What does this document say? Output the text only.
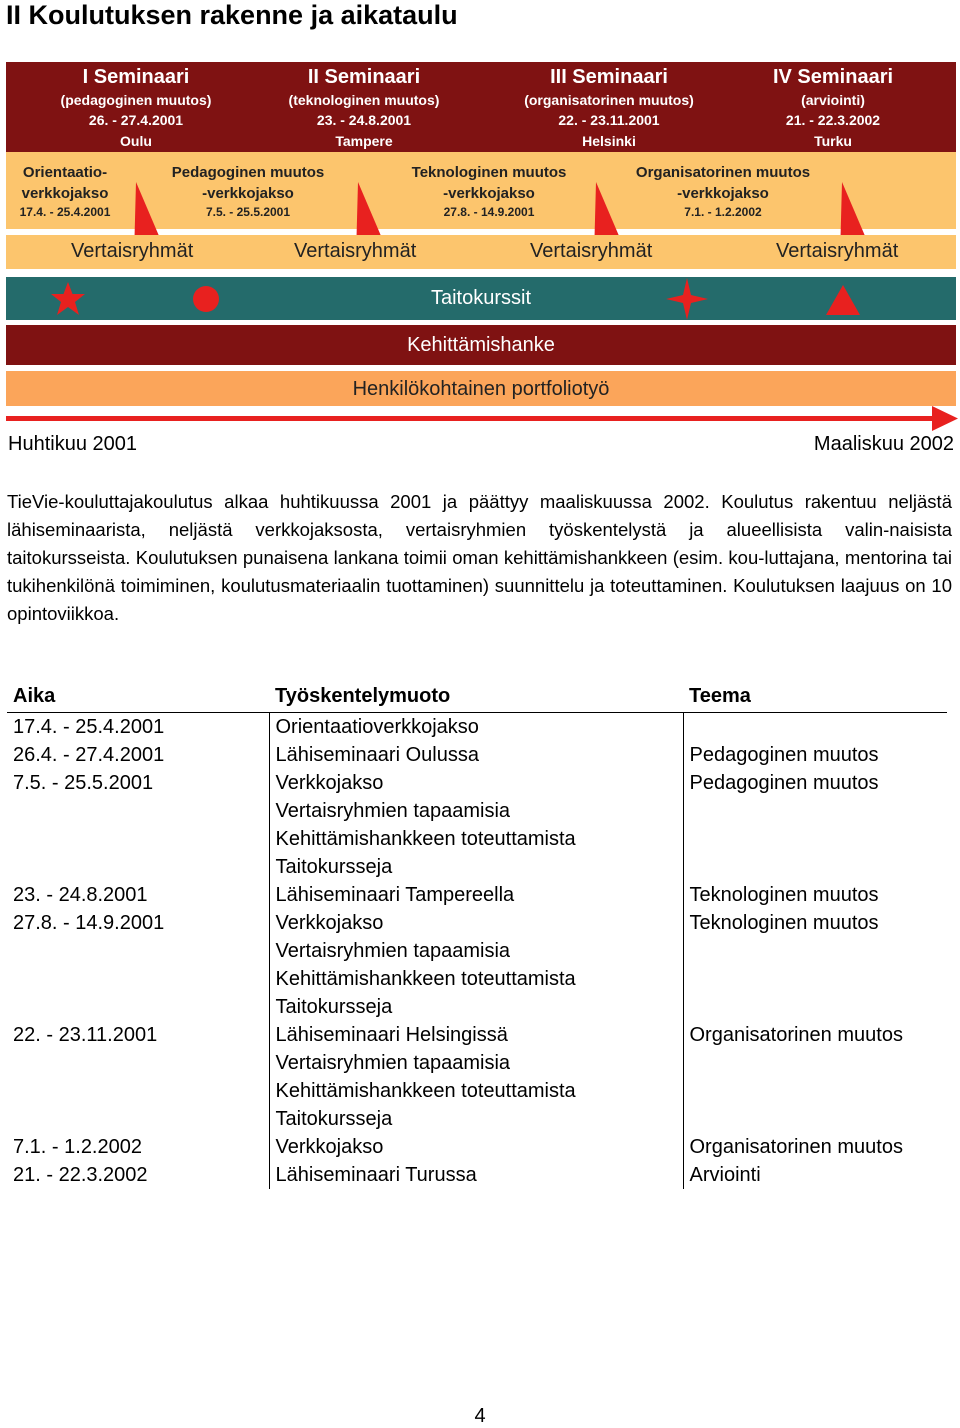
II Koulutuksen rakenne ja aikataulu
I Seminaari
(pedagoginen muutos)
26. - 27.4.2001
Oulu
II Seminaari
(teknologinen muutos)
23. - 24.8.2001
Tampere
III Seminaari
(organisatorinen muutos)
22. - 23.11.2001
Helsinki
IV Seminaari
(arviointi)
21. - 22.3.2002
Turku
Orientaatio-
verkkojakso
17.4. - 25.4.2001
Pedagoginen muutos
-verkkojakso
7.5. - 25.5.2001
Teknologinen muutos
-verkkojakso
27.8. - 14.9.2001
Organisatorinen muutos
-verkkojakso
7.1. - 1.2.2002
Vertaisryhmät	Vertaisryhmät	Vertaisryhmät	Vertaisryhmät
Taitokurssit
Kehittämishanke
Henkilökohtainen portfoliotyö
Huhtikuu 2001	Maaliskuu 2002
TieVie-kouluttajakoulutus alkaa huhtikuussa 2001 ja päättyy maaliskuussa 2002. Koulutus rakentuu neljästä lähiseminaarista, neljästä verkkojaksosta, vertaisryhmien työskentelystä ja alueellisista valin-naisista taitokursseista. Koulutuksen punaisena lankana toimii oman kehittämishankkeen (esim. kou-luttajana, mentorina tai tukihenkilönä toimiminen, koulutusmateriaalin tuottaminen) suunnittelu ja toteuttaminen. Koulutuksen laajuus on 10 opintoviikkoa.
Aika	Työskentelymuoto	Teema
17.4. - 25.4.2001	Orientaatioverkkojakso	
26.4. - 27.4.2001	Lähiseminaari Oulussa	Pedagoginen muutos
7.5. - 25.5.2001	Verkkojakso	Pedagoginen muutos
	Vertaisryhmien tapaamisia	
	Kehittämishankkeen toteuttamista	
	Taitokursseja	
23. - 24.8.2001	Lähiseminaari Tampereella	Teknologinen muutos
27.8. - 14.9.2001	Verkkojakso	Teknologinen muutos
	Vertaisryhmien tapaamisia	
	Kehittämishankkeen toteuttamista	
	Taitokursseja	
22. - 23.11.2001	Lähiseminaari Helsingissä	Organisatorinen muutos
	Vertaisryhmien tapaamisia	
	Kehittämishankkeen toteuttamista	
	Taitokursseja	
7.1. - 1.2.2002	Verkkojakso	Organisatorinen muutos
21. - 22.3.2002	Lähiseminaari Turussa	Arviointi
4
